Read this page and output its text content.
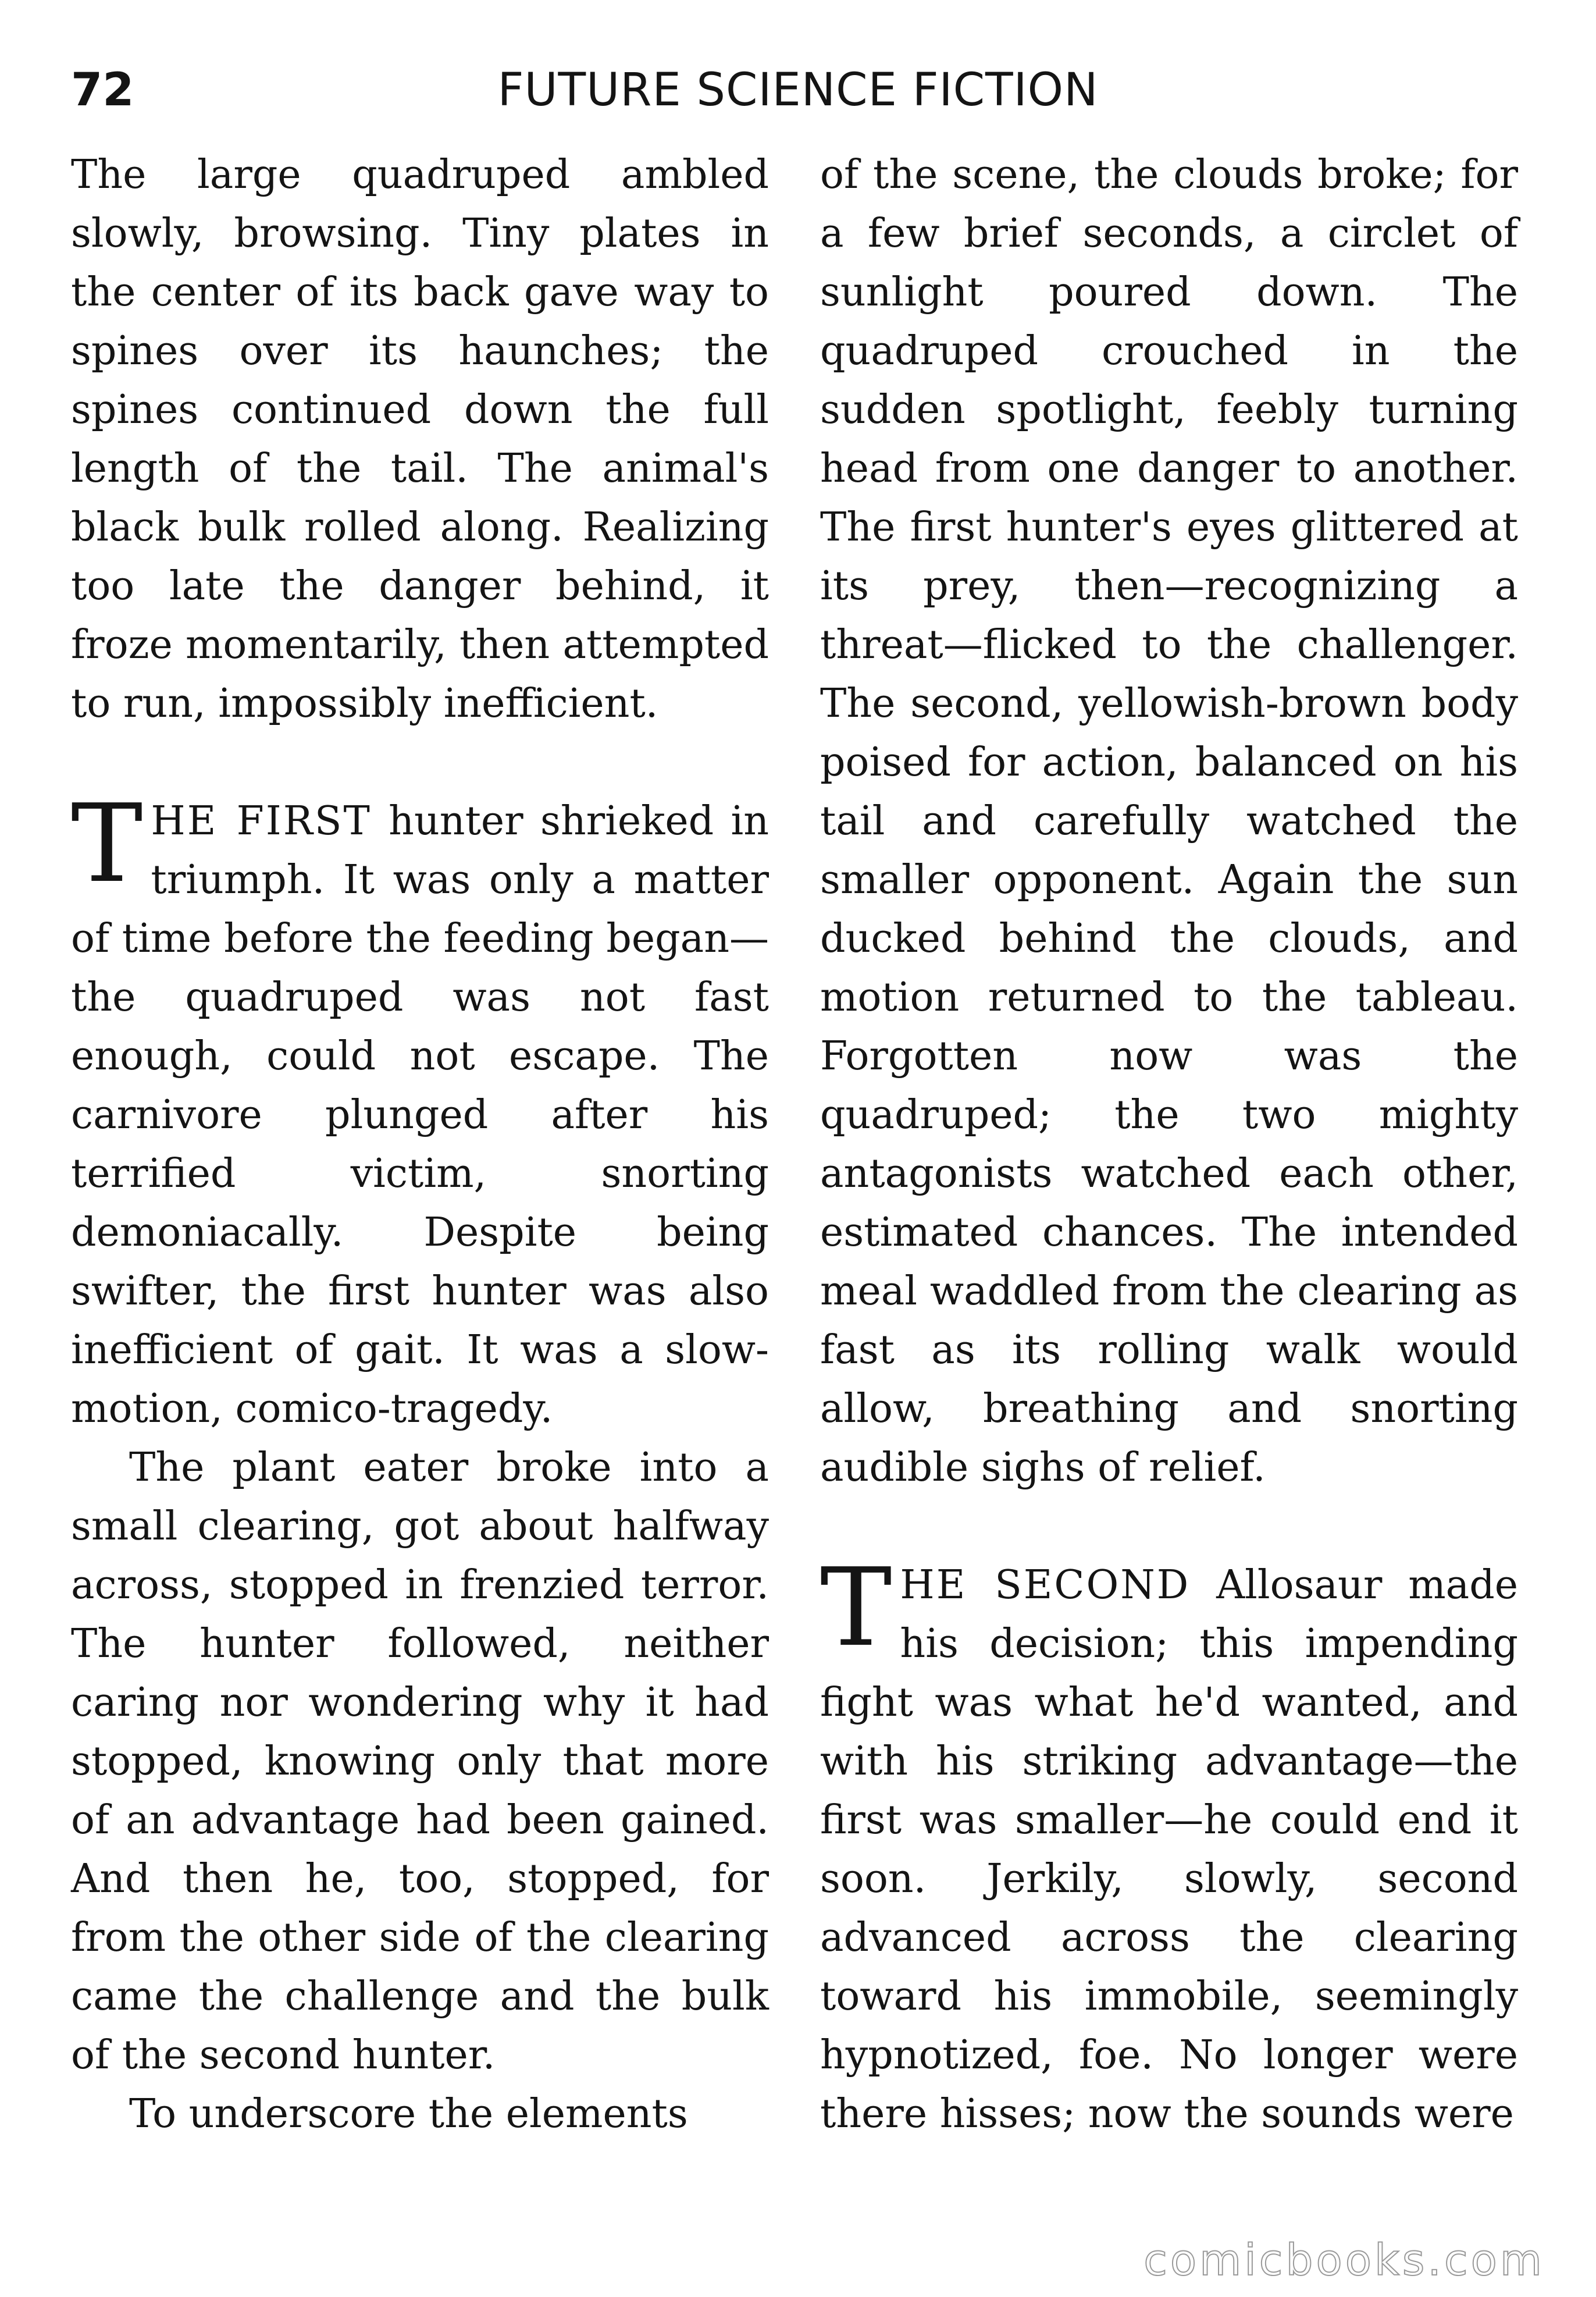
72	FUTURE SCIENCE FICTION

The large quadruped ambled slowly, browsing. Tiny plates in the center of its back gave way to spines over its haunches; the spines continued down the full length of the tail. The animal's black bulk rolled along. Realizing too late the danger behind, it froze momentarily, then attempted to run, impossibly inefficient.

THE FIRST hunter shrieked in triumph. It was only a matter of time before the feeding began—the quadruped was not fast enough, could not escape. The carnivore plunged after his terrified victim, snorting demoniacally. Despite being swifter, the first hunter was also inefficient of gait. It was a slow-motion, comico-tragedy.

The plant eater broke into a small clearing, got about halfway across, stopped in frenzied terror. The hunter followed, neither caring nor wondering why it had stopped, knowing only that more of an advantage had been gained. And then he, too, stopped, for from the other side of the clearing came the challenge and the bulk of the second hunter.

To underscore the elements

of the scene, the clouds broke; for a few brief seconds, a circlet of sunlight poured down. The quadruped crouched in the sudden spotlight, feebly turning head from one danger to another. The first hunter's eyes glittered at its prey, then—recognizing a threat—flicked to the challenger. The second, yellowish-brown body poised for action, balanced on his tail and carefully watched the smaller opponent. Again the sun ducked behind the clouds, and motion returned to the tableau. Forgotten now was the quadruped; the two mighty antagonists watched each other, estimated chances. The intended meal waddled from the clearing as fast as its rolling walk would allow, breathing and snorting audible sighs of relief.

THE SECOND Allosaur made his decision; this impending fight was what he'd wanted, and with his striking advantage—the first was smaller—he could end it soon. Jerkily, slowly, second advanced across the clearing toward his immobile, seemingly hypnotized, foe. No longer were there hisses; now the sounds were

comicbooks.com
